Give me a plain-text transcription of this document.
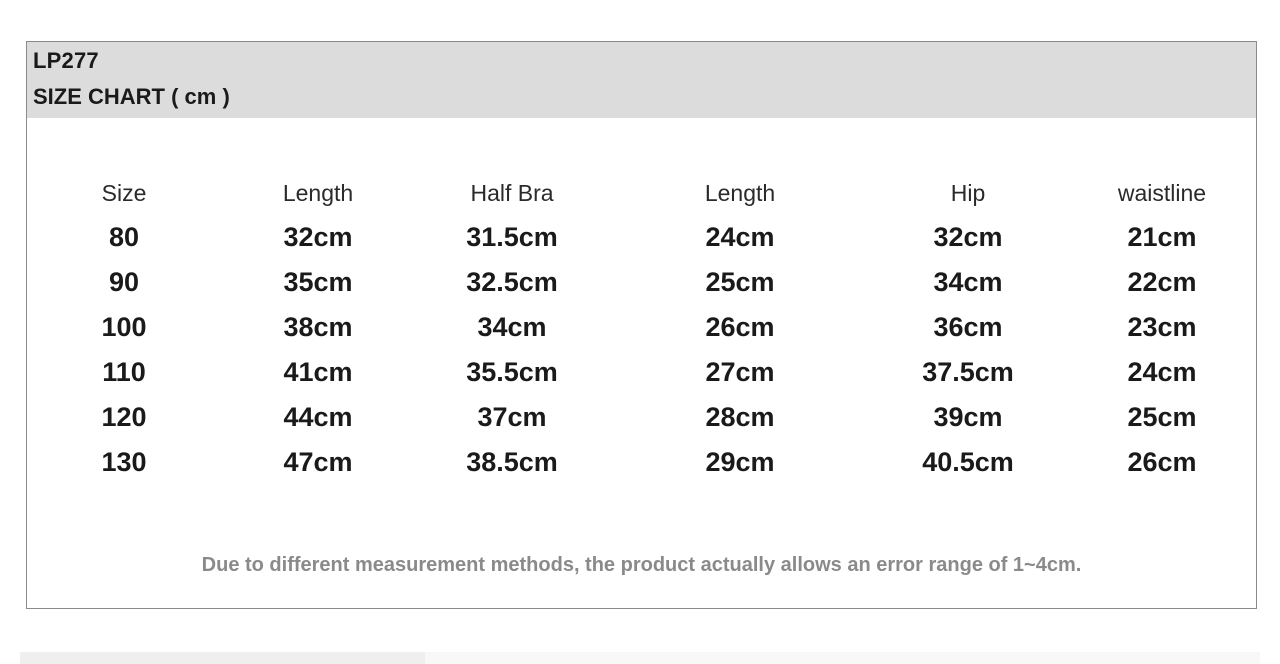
LP277
SIZE CHART ( cm )
Size	Length	Half Bra	Length	Hip	waistline
80	32cm	31.5cm	24cm	32cm	21cm
90	35cm	32.5cm	25cm	34cm	22cm
100	38cm	34cm	26cm	36cm	23cm
110	41cm	35.5cm	27cm	37.5cm	24cm
120	44cm	37cm	28cm	39cm	25cm
130	47cm	38.5cm	29cm	40.5cm	26cm
Due to different measurement methods, the product actually allows an error range of 1~4cm.
